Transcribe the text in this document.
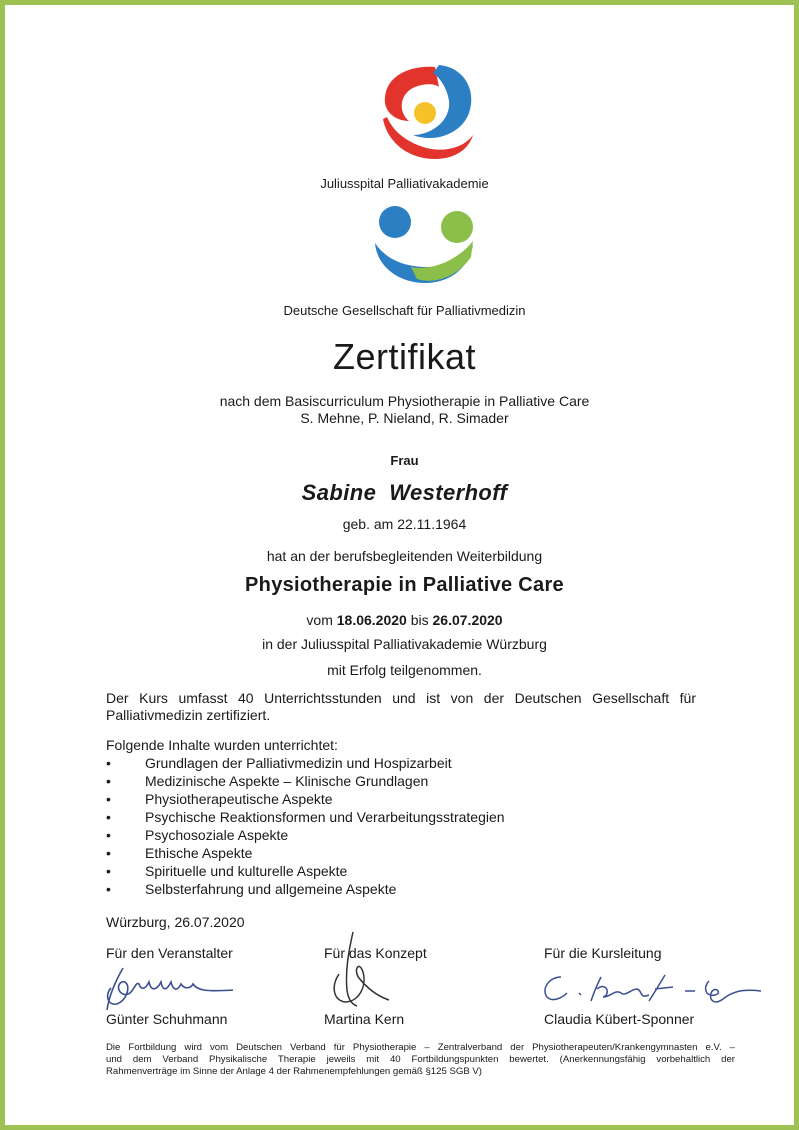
Juliusspital Palliativakademie
Deutsche Gesellschaft für Palliativmedizin
Zertifikat
nach dem Basiscurriculum Physiotherapie in Palliative Care
S. Mehne, P. Nieland, R. Simader
Frau
Sabine  Westerhoff
geb. am 22.11.1964
hat an der berufsbegleitenden Weiterbildung
Physiotherapie in Palliative Care
vom 18.06.2020 bis 26.07.2020
in der Juliusspital Palliativakademie Würzburg
mit Erfolg teilgenommen.
Der Kurs umfasst 40 Unterrichtsstunden und ist von der Deutschen Gesellschaft für
Palliativmedizin zertifiziert.
Folgende Inhalte wurden unterrichtet:
• Grundlagen der Palliativmedizin und Hospizarbeit
• Medizinische Aspekte – Klinische Grundlagen
• Physiotherapeutische Aspekte
• Psychische Reaktionsformen und Verarbeitungsstrategien
• Psychosoziale Aspekte
• Ethische Aspekte
• Spirituelle und kulturelle Aspekte
• Selbsterfahrung und allgemeine Aspekte
Würzburg, 26.07.2020
Für den Veranstalter	Für das Konzept	Für die Kursleitung
Günter Schuhmann	Martina Kern	Claudia Kübert-Sponner
Die Fortbildung wird vom Deutschen Verband für Physiotherapie – Zentralverband der Physiotherapeuten/Krankengymnasten e.V. –
und dem Verband Physikalische Therapie jeweils mit 40 Fortbildungspunkten bewertet. (Anerkennungsfähig vorbehaltlich der
Rahmenverträge im Sinne der Anlage 4 der Rahmenempfehlungen gemäß §125 SGB V)
